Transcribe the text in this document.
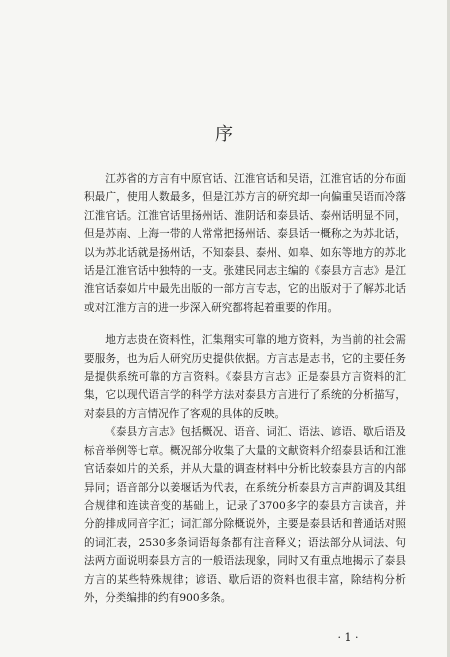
序

江苏省的方言有中原官话、江淮官话和吴语，江淮官话的分布面积最广，使用人数最多，但是江苏方言的研究却一向偏重吴语而冷落江淮官话。江淮官话里扬州话、淮阴话和泰县话、泰州话明显不同，但是苏南、上海一带的人常常把扬州话、泰县话一概称之为苏北话，以为苏北话就是扬州话，不知泰县、泰州、如皋、如东等地方的苏北话是江淮官话中独特的一支。张建民同志主编的《泰县方言志》是江淮官话泰如片中最先出版的一部方言专志，它的出版对于了解苏北话或对江淮方言的进一步深入研究都将起着重要的作用。

地方志贵在资料性，汇集翔实可靠的地方资料，为当前的社会需要服务，也为后人研究历史提供依据。方言志是志书，它的主要任务是提供系统可靠的方言资料。《泰县方言志》正是泰县方言资料的汇集，它以现代语言学的科学方法对泰县方言进行了系统的分析描写，对泰县的方言情况作了客观的具体的反映。

《泰县方言志》包括概况、语音、词汇、语法、谚语、歇后语及标音举例等七章。概况部分收集了大量的文献资料介绍泰县话和江淮官话泰如片的关系，并从大量的调查材料中分析比较泰县方言的内部异同；语音部分以姜堰话为代表，在系统分析泰县方言声韵调及其组合规律和连读音变的基础上，记录了3700多字的泰县方言读音，并分韵排成同音字汇；词汇部分除概说外，主要是泰县话和普通话对照的词汇表，2530多条词语每条都有注音释义；语法部分从词法、句法两方面说明泰县方言的一般语法现象，同时又有重点地揭示了泰县方言的某些特殊规律；谚语、歇后语的资料也很丰富，除结构分析外，分类编排的约有900多条。

· 1 ·
